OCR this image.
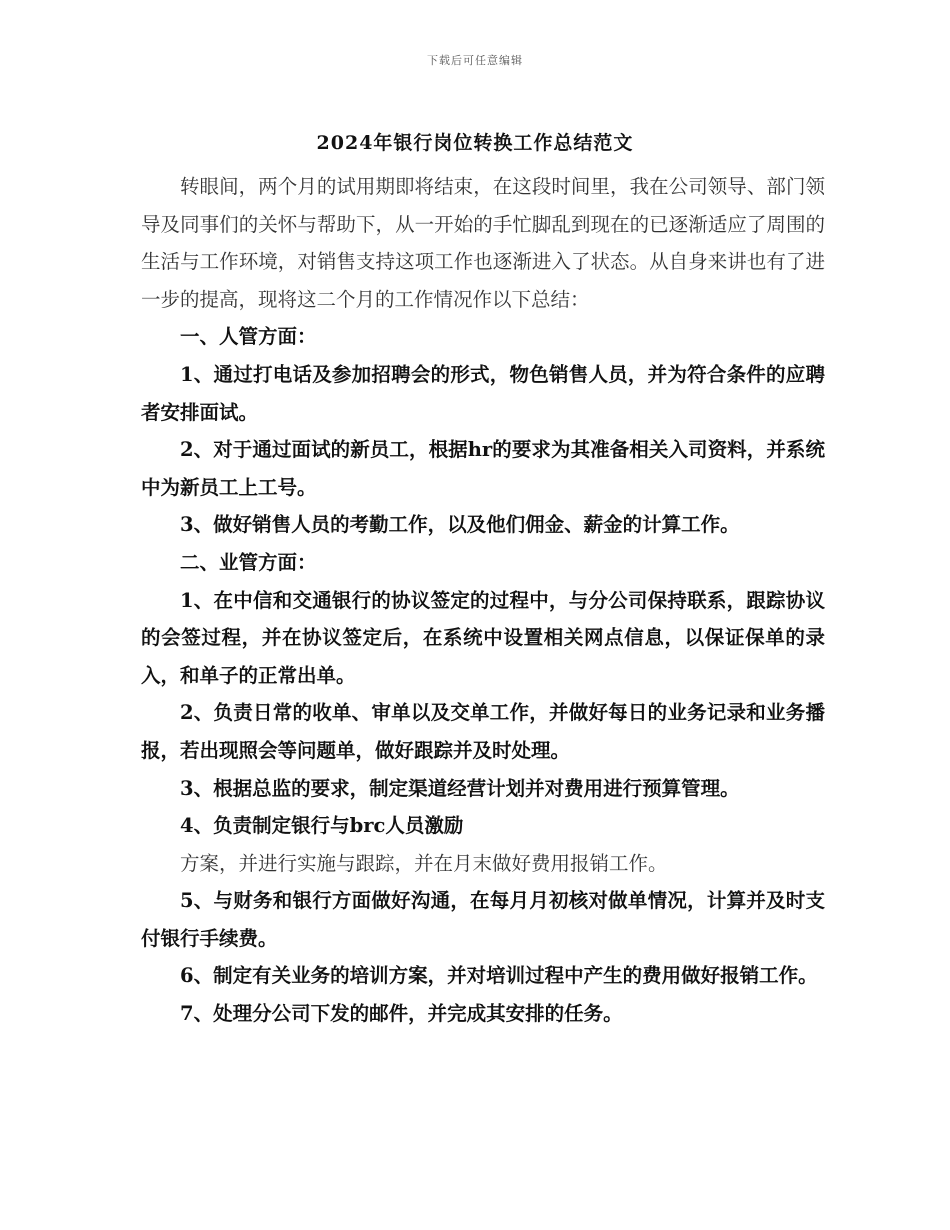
下载后可任意编辑
2024年银行岗位转换工作总结范文

转眼间，两个月的试用期即将结束，在这段时间里，我在公司领导、部门领导及同事们的关怀与帮助下，从一开始的手忙脚乱到现在的已逐渐适应了周围的生活与工作环境，对销售支持这项工作也逐渐进入了状态。从自身来讲也有了进一步的提高，现将这二个月的工作情况作以下总结：

一、人管方面：

1、通过打电话及参加招聘会的形式，物色销售人员，并为符合条件的应聘者安排面试。

2、对于通过面试的新员工，根据hr的要求为其准备相关入司资料，并系统中为新员工上工号。

3、做好销售人员的考勤工作，以及他们佣金、薪金的计算工作。

二、业管方面：

1、在中信和交通银行的协议签定的过程中，与分公司保持联系，跟踪协议的会签过程，并在协议签定后，在系统中设置相关网点信息，以保证保单的录入，和单子的正常出单。

2、负责日常的收单、审单以及交单工作，并做好每日的业务记录和业务播报，若出现照会等问题单，做好跟踪并及时处理。

3、根据总监的要求，制定渠道经营计划并对费用进行预算管理。

4、负责制定银行与brc人员激励

方案，并进行实施与跟踪，并在月末做好费用报销工作。

5、与财务和银行方面做好沟通，在每月月初核对做单情况，计算并及时支付银行手续费。

6、制定有关业务的培训方案，并对培训过程中产生的费用做好报销工作。

7、处理分公司下发的邮件，并完成其安排的任务。
